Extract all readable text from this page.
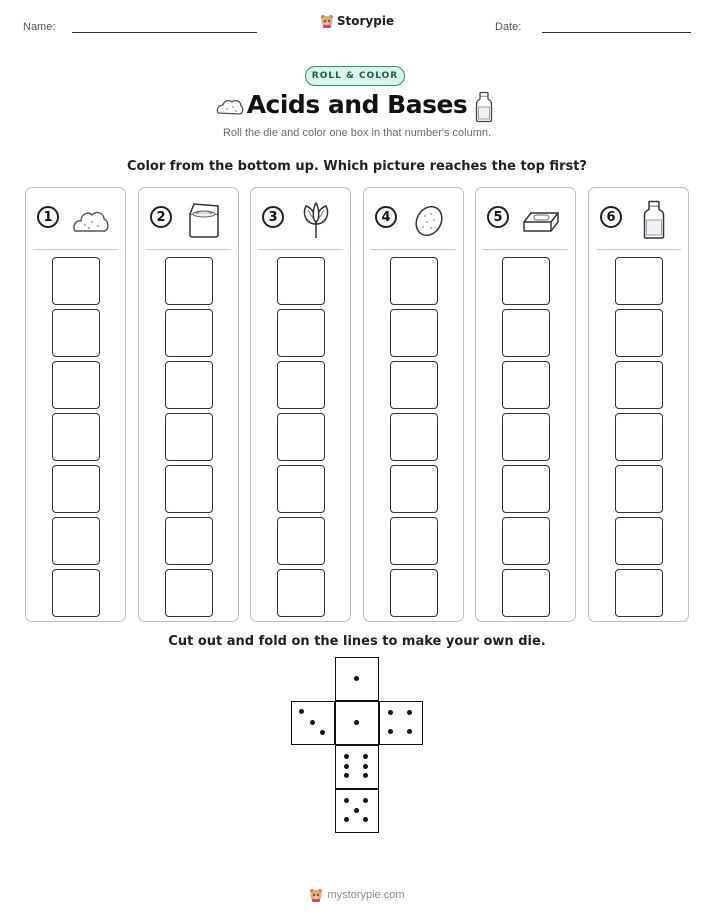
Name:	Storypie	Date:
ROLL & COLOR
Acids and Bases
Roll the die and color one box in that number's column.
Color from the bottom up. Which picture reaches the top first?
1	2	3	4	5	6
Cut out and fold on the lines to make your own die.
mystorypie.com
